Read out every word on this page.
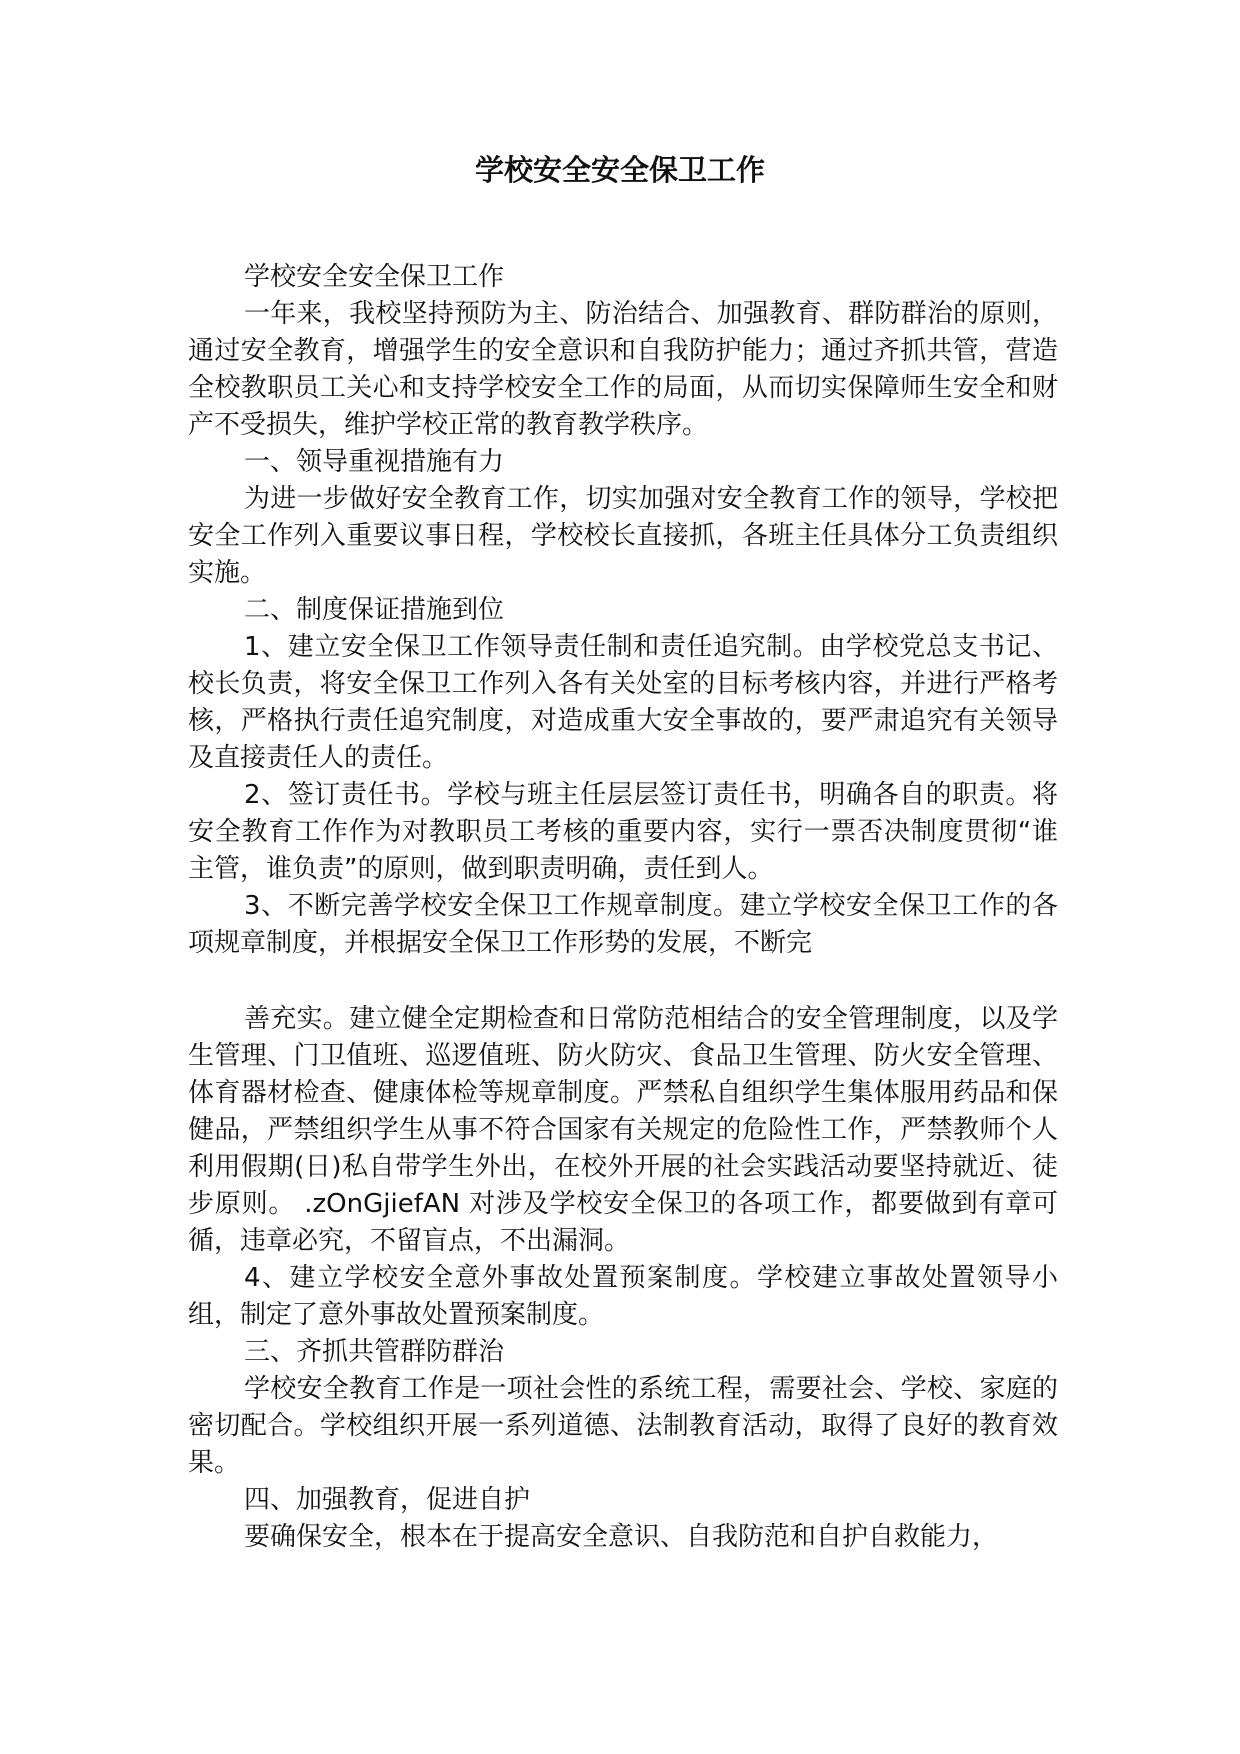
学校安全安全保卫工作

学校安全安全保卫工作

一年来，我校坚持预防为主、防治结合、加强教育、群防群治的原则，通过安全教育，增强学生的安全意识和自我防护能力；通过齐抓共管，营造全校教职员工关心和支持学校安全工作的局面，从而切实保障师生安全和财产不受损失，维护学校正常的教育教学秩序。

一、领导重视措施有力

为进一步做好安全教育工作，切实加强对安全教育工作的领导，学校把安全工作列入重要议事日程，学校校长直接抓，各班主任具体分工负责组织实施。

二、制度保证措施到位

1、建立安全保卫工作领导责任制和责任追究制。由学校党总支书记、校长负责，将安全保卫工作列入各有关处室的目标考核内容，并进行严格考核，严格执行责任追究制度，对造成重大安全事故的，要严肃追究有关领导及直接责任人的责任。

2、签订责任书。学校与班主任层层签订责任书，明确各自的职责。将安全教育工作作为对教职员工考核的重要内容，实行一票否决制度贯彻“谁主管，谁负责”的原则，做到职责明确，责任到人。

3、不断完善学校安全保卫工作规章制度。建立学校安全保卫工作的各项规章制度，并根据安全保卫工作形势的发展，不断完

善充实。建立健全定期检查和日常防范相结合的安全管理制度，以及学生管理、门卫值班、巡逻值班、防火防灾、食品卫生管理、防火安全管理、体育器材检查、健康体检等规章制度。严禁私自组织学生集体服用药品和保健品，严禁组织学生从事不符合国家有关规定的危险性工作，严禁教师个人利用假期(日)私自带学生外出，在校外开展的社会实践活动要坚持就近、徒步原则。 .zOnGjiefAN 对涉及学校安全保卫的各项工作，都要做到有章可循，违章必究，不留盲点，不出漏洞。

4、建立学校安全意外事故处置预案制度。学校建立事故处置领导小组，制定了意外事故处置预案制度。

三、齐抓共管群防群治

学校安全教育工作是一项社会性的系统工程，需要社会、学校、家庭的密切配合。学校组织开展一系列道德、法制教育活动，取得了良好的教育效果。

四、加强教育，促进自护

要确保安全，根本在于提高安全意识、自我防范和自护自救能力，
